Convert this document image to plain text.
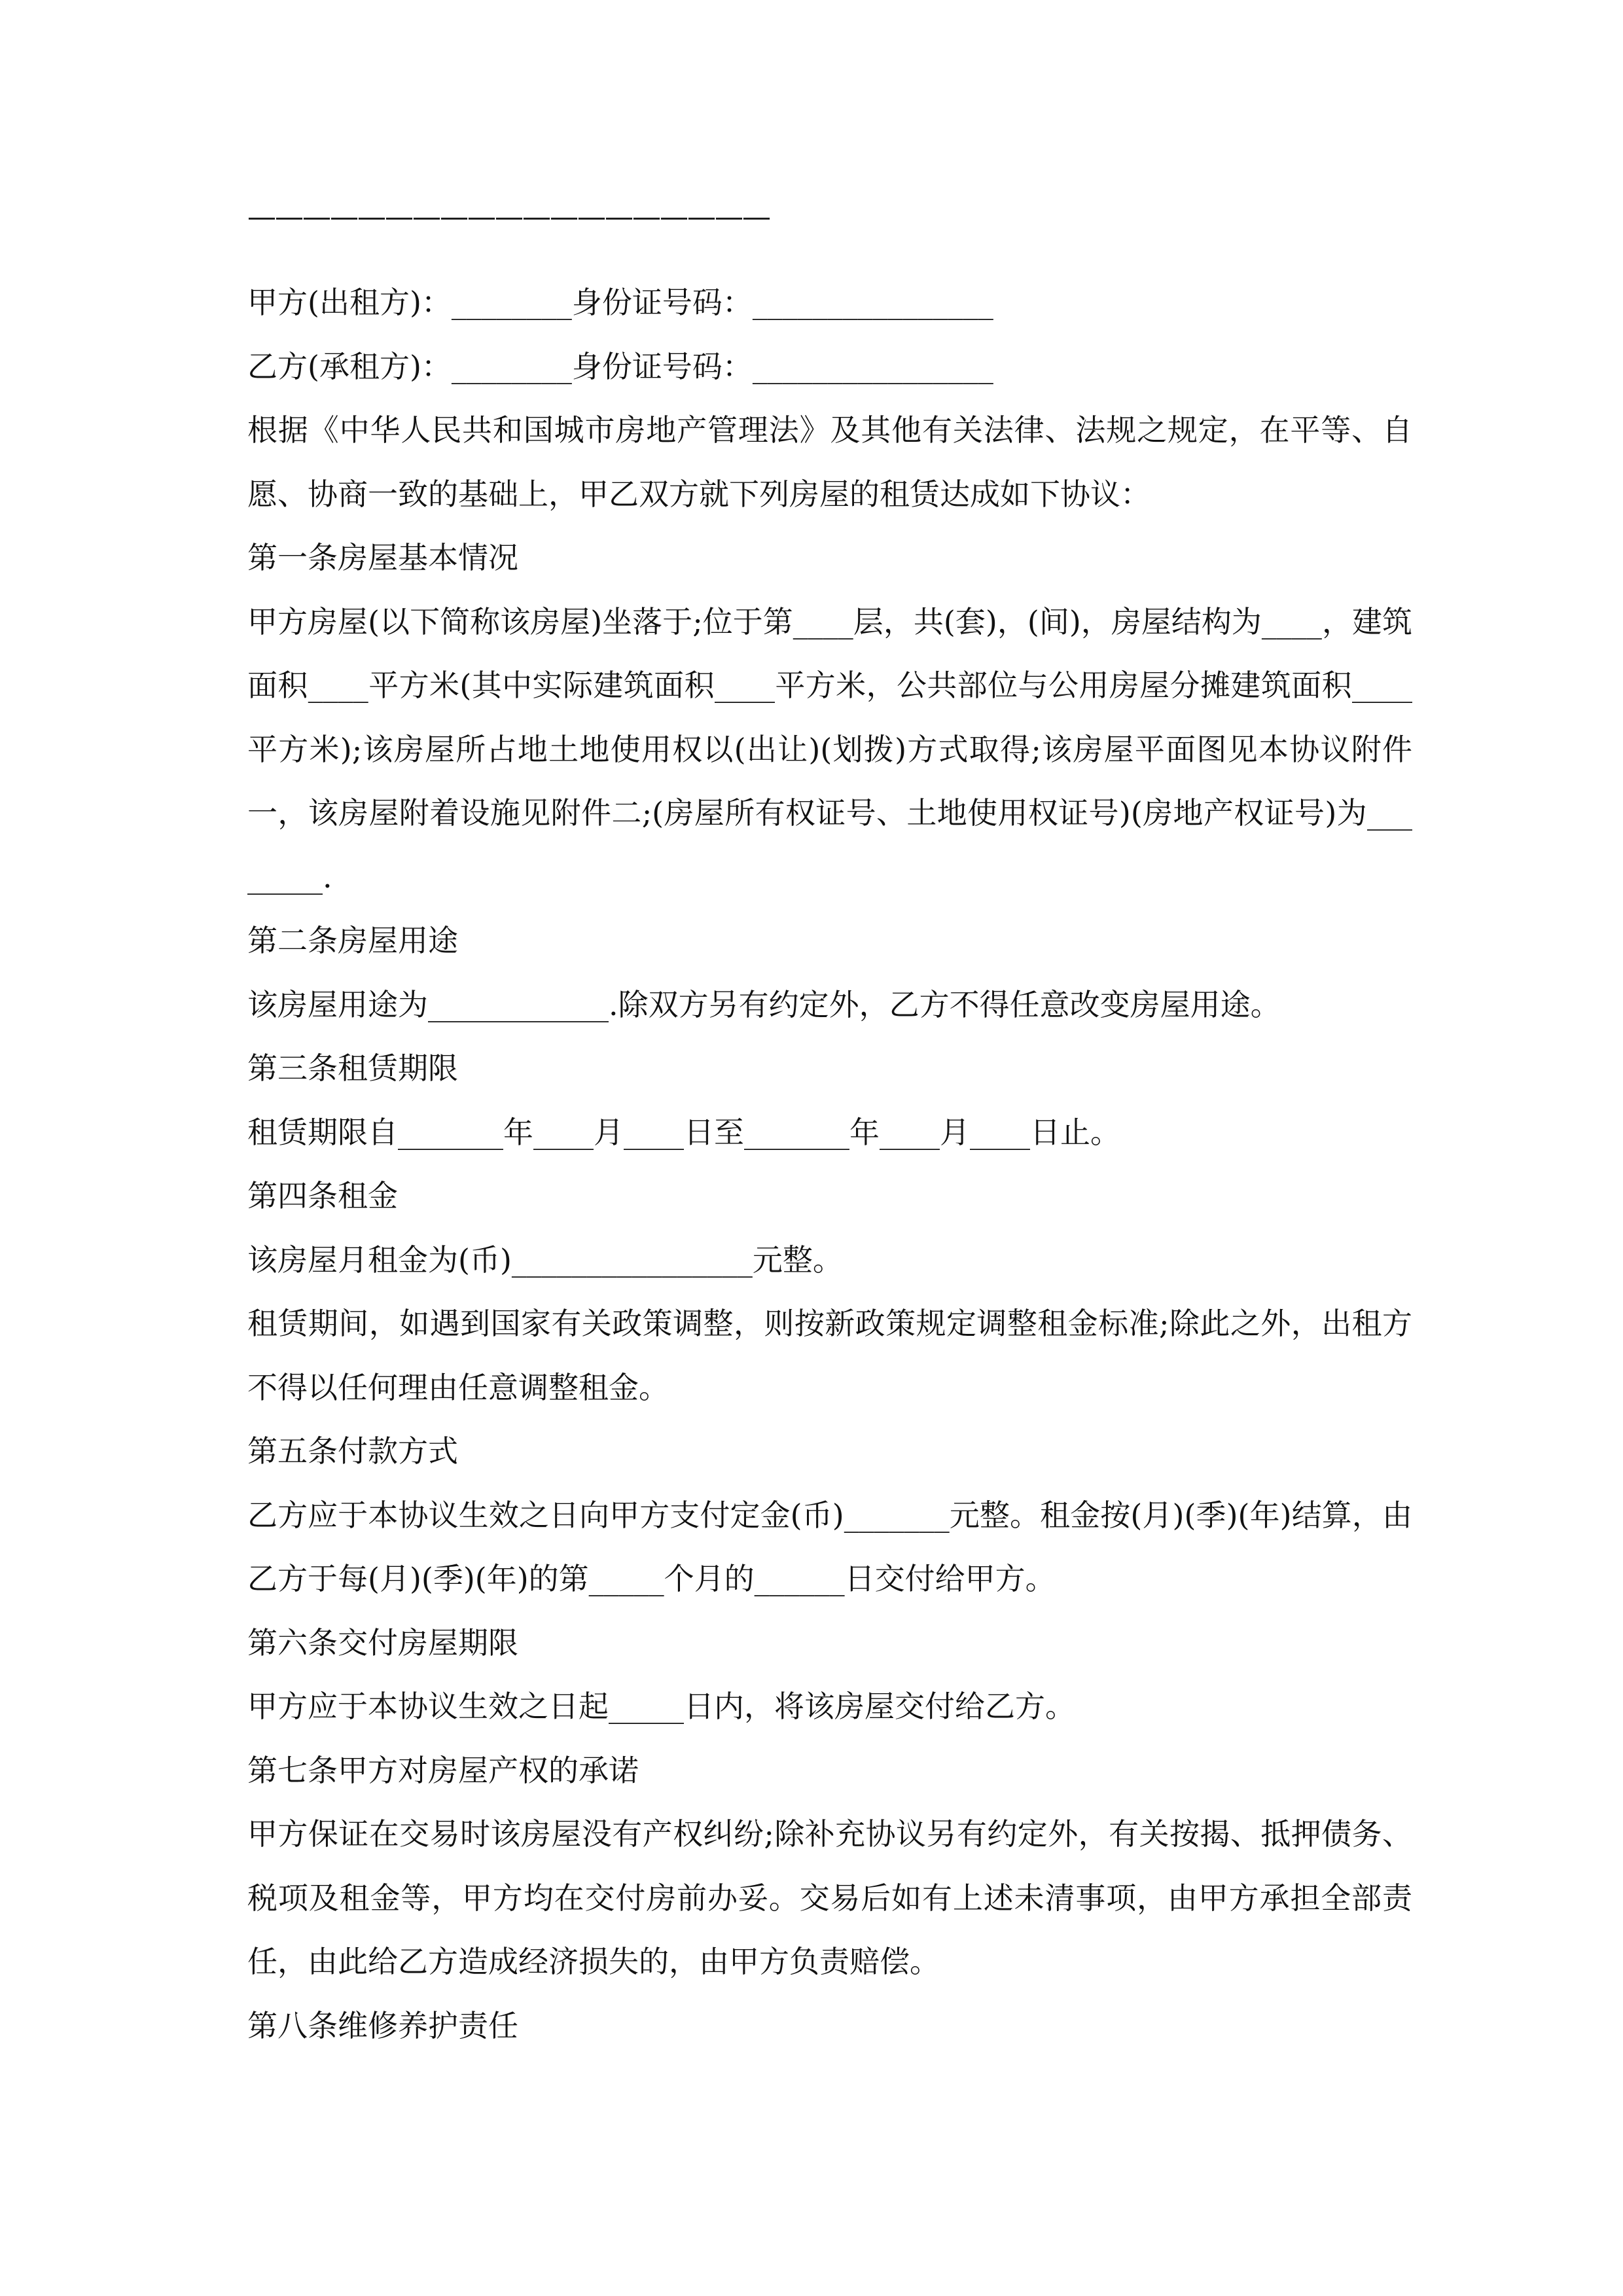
———————————————————

甲方(出租方)：________身份证号码：________________

乙方(承租方)：________身份证号码：________________

根据《中华人民共和国城市房地产管理法》及其他有关法律、法规之规定，在平等、自愿、协商一致的基础上，甲乙双方就下列房屋的租赁达成如下协议：

第一条房屋基本情况

甲方房屋(以下简称该房屋)坐落于;位于第____层，共(套)，(间)，房屋结构为____，建筑面积____平方米(其中实际建筑面积____平方米，公共部位与公用房屋分摊建筑面积____平方米);该房屋所占地土地使用权以(出让)(划拨)方式取得;该房屋平面图见本协议附件一，该房屋附着设施见附件二;(房屋所有权证号、土地使用权证号)(房地产权证号)为________.

第二条房屋用途

该房屋用途为____________.除双方另有约定外，乙方不得任意改变房屋用途。

第三条租赁期限

租赁期限自_______年____月____日至_______年____月____日止。

第四条租金

该房屋月租金为(币)________________元整。

租赁期间，如遇到国家有关政策调整，则按新政策规定调整租金标准;除此之外，出租方不得以任何理由任意调整租金。

第五条付款方式

乙方应于本协议生效之日向甲方支付定金(币)_______元整。租金按(月)(季)(年)结算，由乙方于每(月)(季)(年)的第_____个月的______日交付给甲方。

第六条交付房屋期限

甲方应于本协议生效之日起_____日内，将该房屋交付给乙方。

第七条甲方对房屋产权的承诺

甲方保证在交易时该房屋没有产权纠纷;除补充协议另有约定外，有关按揭、抵押债务、税项及租金等，甲方均在交付房前办妥。交易后如有上述未清事项，由甲方承担全部责任，由此给乙方造成经济损失的，由甲方负责赔偿。

第八条维修养护责任
